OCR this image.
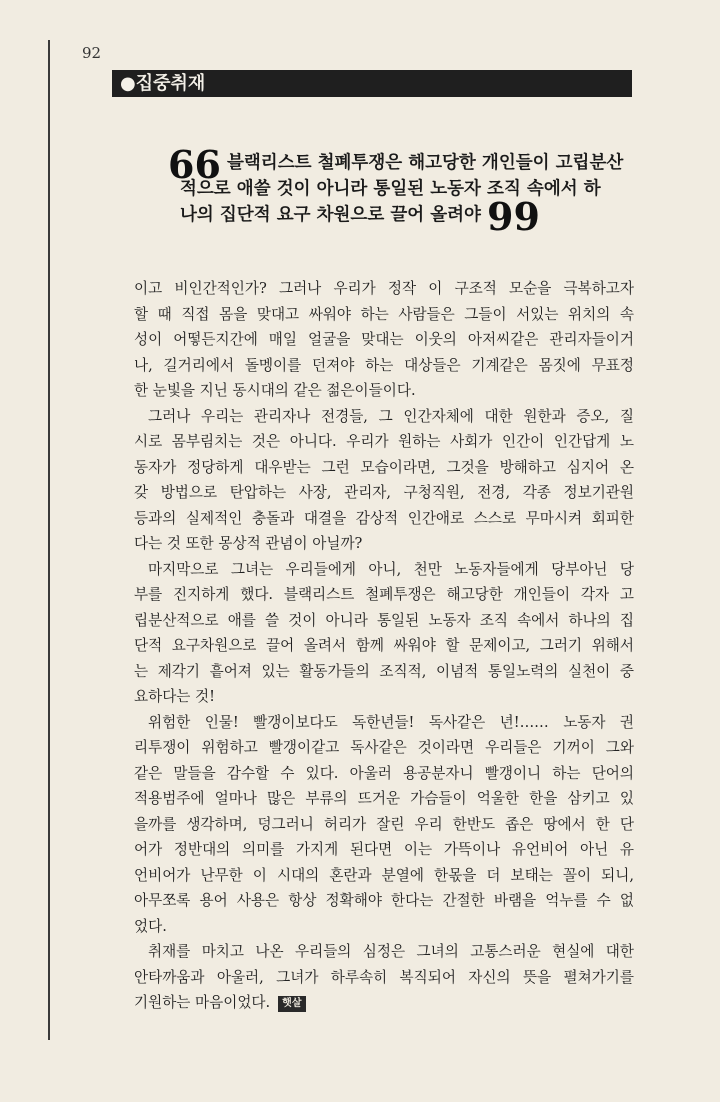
92
●집중취재
66 블랙리스트 철폐투쟁은 해고당한 개인들이 고립분산
적으로 애쓸 것이 아니라 통일된 노동자 조직 속에서 하
나의 집단적 요구 차원으로 끌어 올려야 99
이고 비인간적인가? 그러나 우리가 정작 이 구조적 모순을 극복하고자
할 때 직접 몸을 맞대고 싸워야 하는 사람들은 그들이 서있는 위치의 속
성이 어떻든지간에 매일 얼굴을 맞대는 이웃의 아저씨같은 관리자들이거
나, 길거리에서 돌멩이를 던져야 하는 대상들은 기계같은 몸짓에 무표정
한 눈빛을 지닌 동시대의 같은 젊은이들이다.
그러나 우리는 관리자나 전경들, 그 인간자체에 대한 원한과 증오, 질
시로 몸부림치는 것은 아니다. 우리가 원하는 사회가 인간이 인간답게 노
동자가 정당하게 대우받는 그런 모습이라면, 그것을 방해하고 심지어 온
갖 방법으로 탄압하는 사장, 관리자, 구청직원, 전경, 각종 정보기관원
등과의 실제적인 충돌과 대결을 감상적 인간애로 스스로 무마시켜 회피한
다는 것 또한 몽상적 관념이 아닐까?
마지막으로 그녀는 우리들에게 아니, 천만 노동자들에게 당부아닌 당
부를 진지하게 했다. 블랙리스트 철폐투쟁은 해고당한 개인들이 각자 고
립분산적으로 애를 쓸 것이 아니라 통일된 노동자 조직 속에서 하나의 집
단적 요구차원으로 끌어 올려서 함께 싸워야 할 문제이고, 그러기 위해서
는 제각기 흩어져 있는 활동가들의 조직적, 이념적 통일노력의 실천이 중
요하다는 것!
위험한 인물! 빨갱이보다도 독한년들! 독사같은 년!…… 노동자 권
리투쟁이 위험하고 빨갱이같고 독사같은 것이라면 우리들은 기꺼이 그와
같은 말들을 감수할 수 있다. 아울러 용공분자니 빨갱이니 하는 단어의
적용범주에 얼마나 많은 부류의 뜨거운 가슴들이 억울한 한을 삼키고 있
을까를 생각하며, 덩그러니 허리가 잘린 우리 한반도 좁은 땅에서 한 단
어가 정반대의 의미를 가지게 된다면 이는 가뜩이나 유언비어 아닌 유
언비어가 난무한 이 시대의 혼란과 분열에 한몫을 더 보태는 꼴이 되니,
아무쪼록 용어 사용은 항상 정확해야 한다는 간절한 바램을 억누를 수 없
었다.
취재를 마치고 나온 우리들의 심정은 그녀의 고통스러운 현실에 대한
안타까움과 아울러, 그녀가 하루속히 복직되어 자신의 뜻을 펼쳐가기를
기원하는 마음이었다. 햇살
